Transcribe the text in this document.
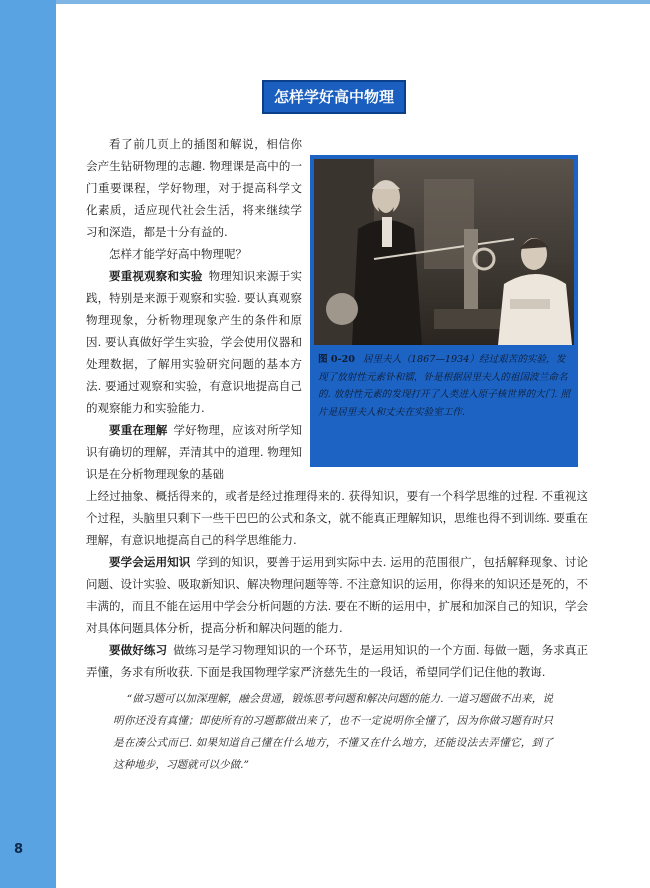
怎样学好高中物理

看了前几页上的插图和解说，相信你会产生钻研物理的志趣. 物理课是高中的一门重要课程，学好物理，对于提高科学文化素质，适应现代社会生活，将来继续学习和深造，都是十分有益的.

怎样才能学好高中物理呢？

要重视观察和实验 物理知识来源于实践，特别是来源于观察和实验. 要认真观察物理现象，分析物理现象产生的条件和原因. 要认真做好学生实验，学会使用仪器和处理数据，了解用实验研究问题的基本方法. 要通过观察和实验，有意识地提高自己的观察能力和实验能力.

要重在理解 学好物理，应该对所学知识有确切的理解，弄清其中的道理. 物理知识是在分析物理现象的基础

图 0-20 居里夫人（1867—1934）经过艰苦的实验，发现了放射性元素钋和镭，钋是根据居里夫人的祖国波兰命名的. 放射性元素的发现打开了人类进入原子核世界的大门. 照片是居里夫人和丈夫在实验室工作.

上经过抽象、概括得来的，或者是经过推理得来的. 获得知识，要有一个科学思维的过程. 不重视这个过程，头脑里只剩下一些干巴巴的公式和条文，就不能真正理解知识，思维也得不到训练. 要重在理解，有意识地提高自己的科学思维能力.

要学会运用知识 学到的知识，要善于运用到实际中去. 运用的范围很广，包括解释现象、讨论问题、设计实验、吸取新知识、解决物理问题等等. 不注意知识的运用，你得来的知识还是死的，不丰满的，而且不能在运用中学会分析问题的方法. 要在不断的运用中，扩展和加深自己的知识，学会对具体问题具体分析，提高分析和解决问题的能力.

要做好练习 做练习是学习物理知识的一个环节，是运用知识的一个方面. 每做一题，务求真正弄懂，务求有所收获. 下面是我国物理学家严济慈先生的一段话，希望同学们记住他的教诲.

“做习题可以加深理解，融会贯通，锻炼思考问题和解决问题的能力. 一道习题做不出来，说明你还没有真懂；即使所有的习题都做出来了，也不一定说明你全懂了，因为你做习题有时只是在凑公式而已. 如果知道自己懂在什么地方，不懂又在什么地方，还能设法去弄懂它，到了这种地步，习题就可以少做.”

8
